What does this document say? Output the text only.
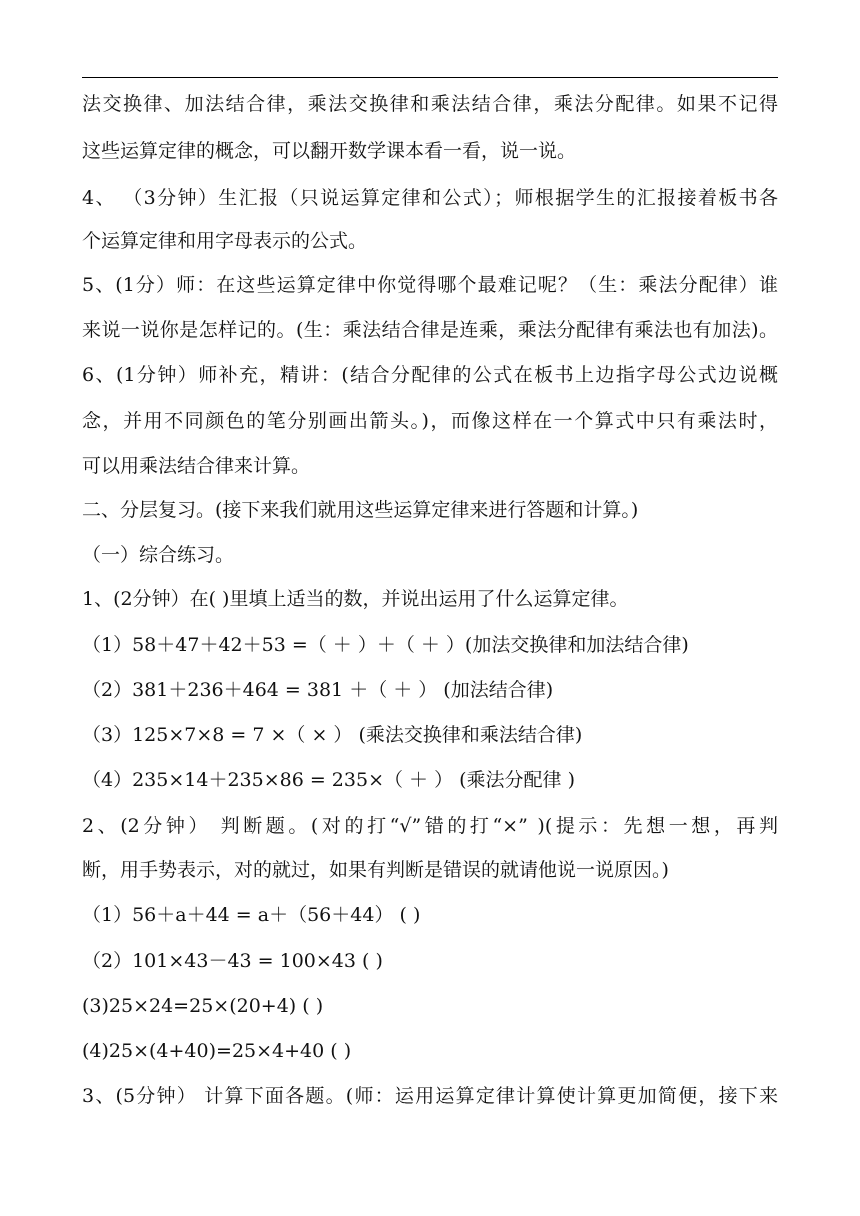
法交换律、加法结合律，乘法交换律和乘法结合律，乘法分配律。如果不记得
这些运算定律的概念，可以翻开数学课本看一看，说一说。
4、 （3分钟）生汇报（只说运算定律和公式）；师根据学生的汇报接着板书各
个运算定律和用字母表示的公式。
5、(1分）师：在这些运算定律中你觉得哪个最难记呢？（生：乘法分配律）谁
来说一说你是怎样记的。(生：乘法结合律是连乘，乘法分配律有乘法也有加法)。
6、(1分钟）师补充，精讲：(结合分配律的公式在板书上边指字母公式边说概
念，并用不同颜色的笔分别画出箭头。)，而像这样在一个算式中只有乘法时，
可以用乘法结合律来计算。
二、分层复习。(接下来我们就用这些运算定律来进行答题和计算。)
（一）综合练习。
1、(2分钟）在( )里填上适当的数，并说出运用了什么运算定律。
（1）58＋47＋42＋53 =（ ＋ ）＋（ ＋ ）(加法交换律和加法结合律)
（2）381＋236＋464 = 381 ＋（ ＋ ） (加法结合律)
（3）125×7×8 = 7 ×（ × ） (乘法交换律和乘法结合律)
（4）235×14＋235×86 = 235×（ ＋ ） (乘法分配律 )
2、(2分钟） 判断题。(对的打“√”错的打“×” )(提示：先想一想，再判
断，用手势表示，对的就过，如果有判断是错误的就请他说一说原因。)
（1）56＋a＋44 = a＋（56＋44） ( )
（2）101×43－43 = 100×43 ( )
(3)25×24=25×(20+4) ( )
(4)25×(4+40)=25×4+40 ( )
3、(5分钟） 计算下面各题。(师：运用运算定律计算使计算更加简便，接下来
